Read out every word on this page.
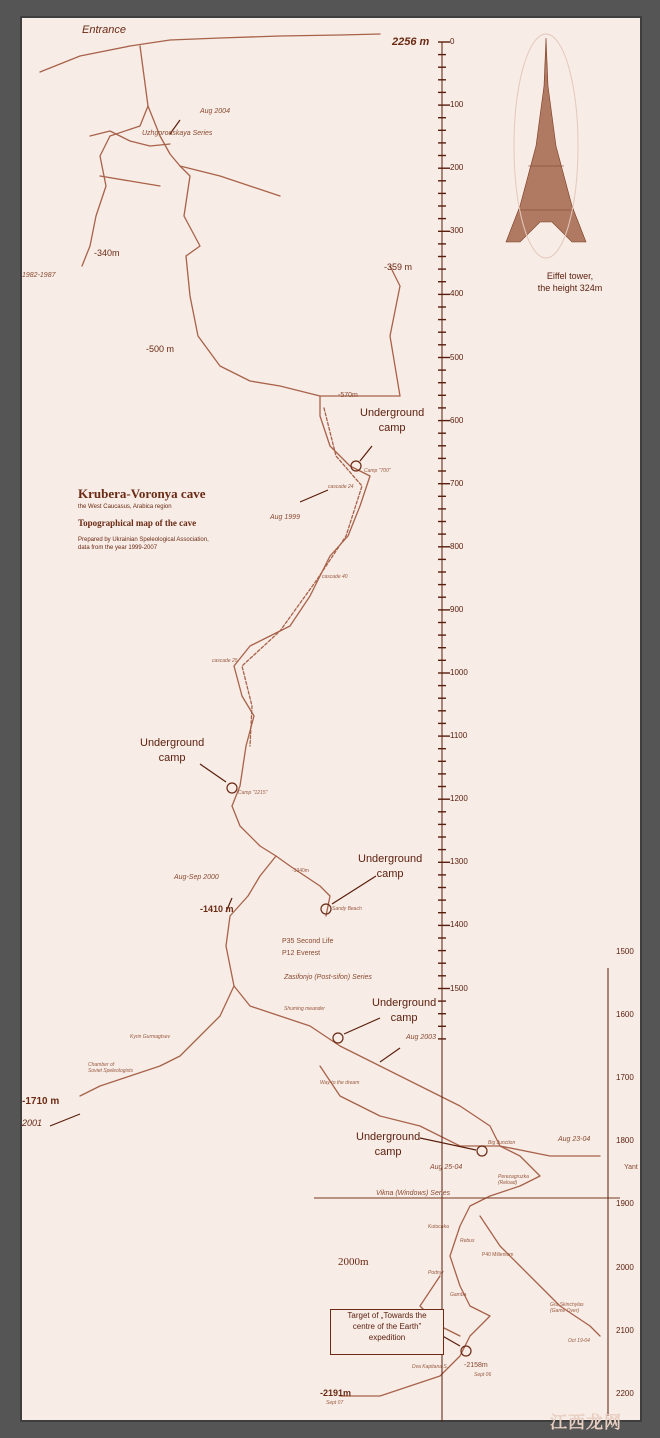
0
100
200
300
400
500
600
700
800
900
1000
1100
1200
1300
1400
1500
1500
1600
1700
1800
1900
2000
2100
2200
Entrance
2256 m
Aug 2004
Uzhgorodskaya Series
1982-1987
-340m
-359 m
-500 m
-570m
Underground
camp
Camp "700"
cascade 24
Krubera-Voronya cave
the West Caucasus, Arabica region
Topographical map of the cave
Prepared by Ukrainian Speleological Association,
data from the year 1999-2007
Aug 1999
cascade 40
cascade 25
Underground
camp
Camp "1215"
Underground
camp
Aug-Sep 2000
-1410 m
-1340m
Sandy Beach
P35 Second Life
P12 Everest
Zasifonjo (Post-sifon) Series
Shuming meander
Kyrin Gurmagtsev
Underground
camp
Aug 2003
Way to the dream
Chamber of
Soviet Speleologists
-1710 m
2001
Underground
camp
Aug 23-04
Big Junction
Aug 25-04
Perezagruzka
(Reload)
Vikna (Windows) Series
Yant
Kutochka
Rebus
2000m
P40 Millenium
Podnyr
Gamba
Gra Skinchylas
(Game Over)
Oct 19-04
Target of „Towards the
centre of the Earth”
expedition
Dva Kapitana S. -2158m
Sept 06
-2191m
Sept 07
Eiffel tower,
the height 324m
江西龙网
